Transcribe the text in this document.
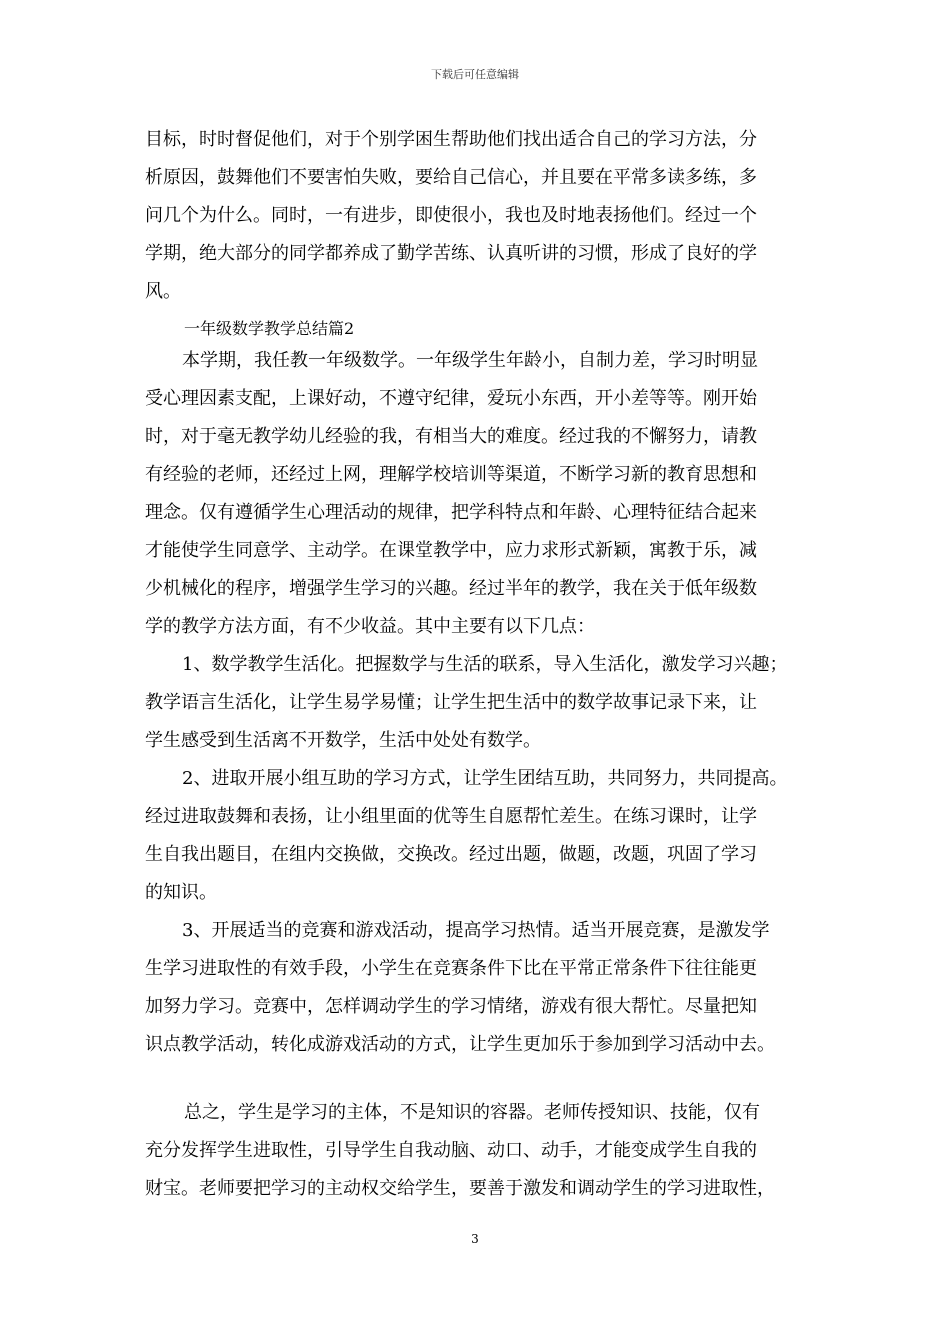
下载后可任意编辑
目标，时时督促他们，对于个别学困生帮助他们找出适合自己的学习方法，分
析原因，鼓舞他们不要害怕失败，要给自己信心，并且要在平常多读多练，多
问几个为什么。同时，一有进步，即使很小，我也及时地表扬他们。经过一个
学期，绝大部分的同学都养成了勤学苦练、认真听讲的习惯，形成了良好的学
风。
一年级数学教学总结篇2
本学期，我任教一年级数学。一年级学生年龄小，自制力差，学习时明显
受心理因素支配，上课好动，不遵守纪律，爱玩小东西，开小差等等。刚开始
时，对于毫无教学幼儿经验的我，有相当大的难度。经过我的不懈努力，请教
有经验的老师，还经过上网，理解学校培训等渠道，不断学习新的教育思想和
理念。仅有遵循学生心理活动的规律，把学科特点和年龄、心理特征结合起来
才能使学生同意学、主动学。在课堂教学中，应力求形式新颖，寓教于乐，减
少机械化的程序，增强学生学习的兴趣。经过半年的教学，我在关于低年级数
学的教学方法方面，有不少收益。其中主要有以下几点：
1、数学教学生活化。把握数学与生活的联系，导入生活化，激发学习兴趣；
教学语言生活化，让学生易学易懂；让学生把生活中的数学故事记录下来，让
学生感受到生活离不开数学，生活中处处有数学。
2、进取开展小组互助的学习方式，让学生团结互助，共同努力，共同提高。
经过进取鼓舞和表扬，让小组里面的优等生自愿帮忙差生。在练习课时，让学
生自我出题目，在组内交换做，交换改。经过出题，做题，改题，巩固了学习
的知识。
3、开展适当的竞赛和游戏活动，提高学习热情。适当开展竞赛，是激发学
生学习进取性的有效手段，小学生在竞赛条件下比在平常正常条件下往往能更
加努力学习。竞赛中，怎样调动学生的学习情绪，游戏有很大帮忙。尽量把知
识点教学活动，转化成游戏活动的方式，让学生更加乐于参加到学习活动中去。
总之，学生是学习的主体，不是知识的容器。老师传授知识、技能，仅有
充分发挥学生进取性，引导学生自我动脑、动口、动手，才能变成学生自我的
财宝。老师要把学习的主动权交给学生，要善于激发和调动学生的学习进取性，
3
